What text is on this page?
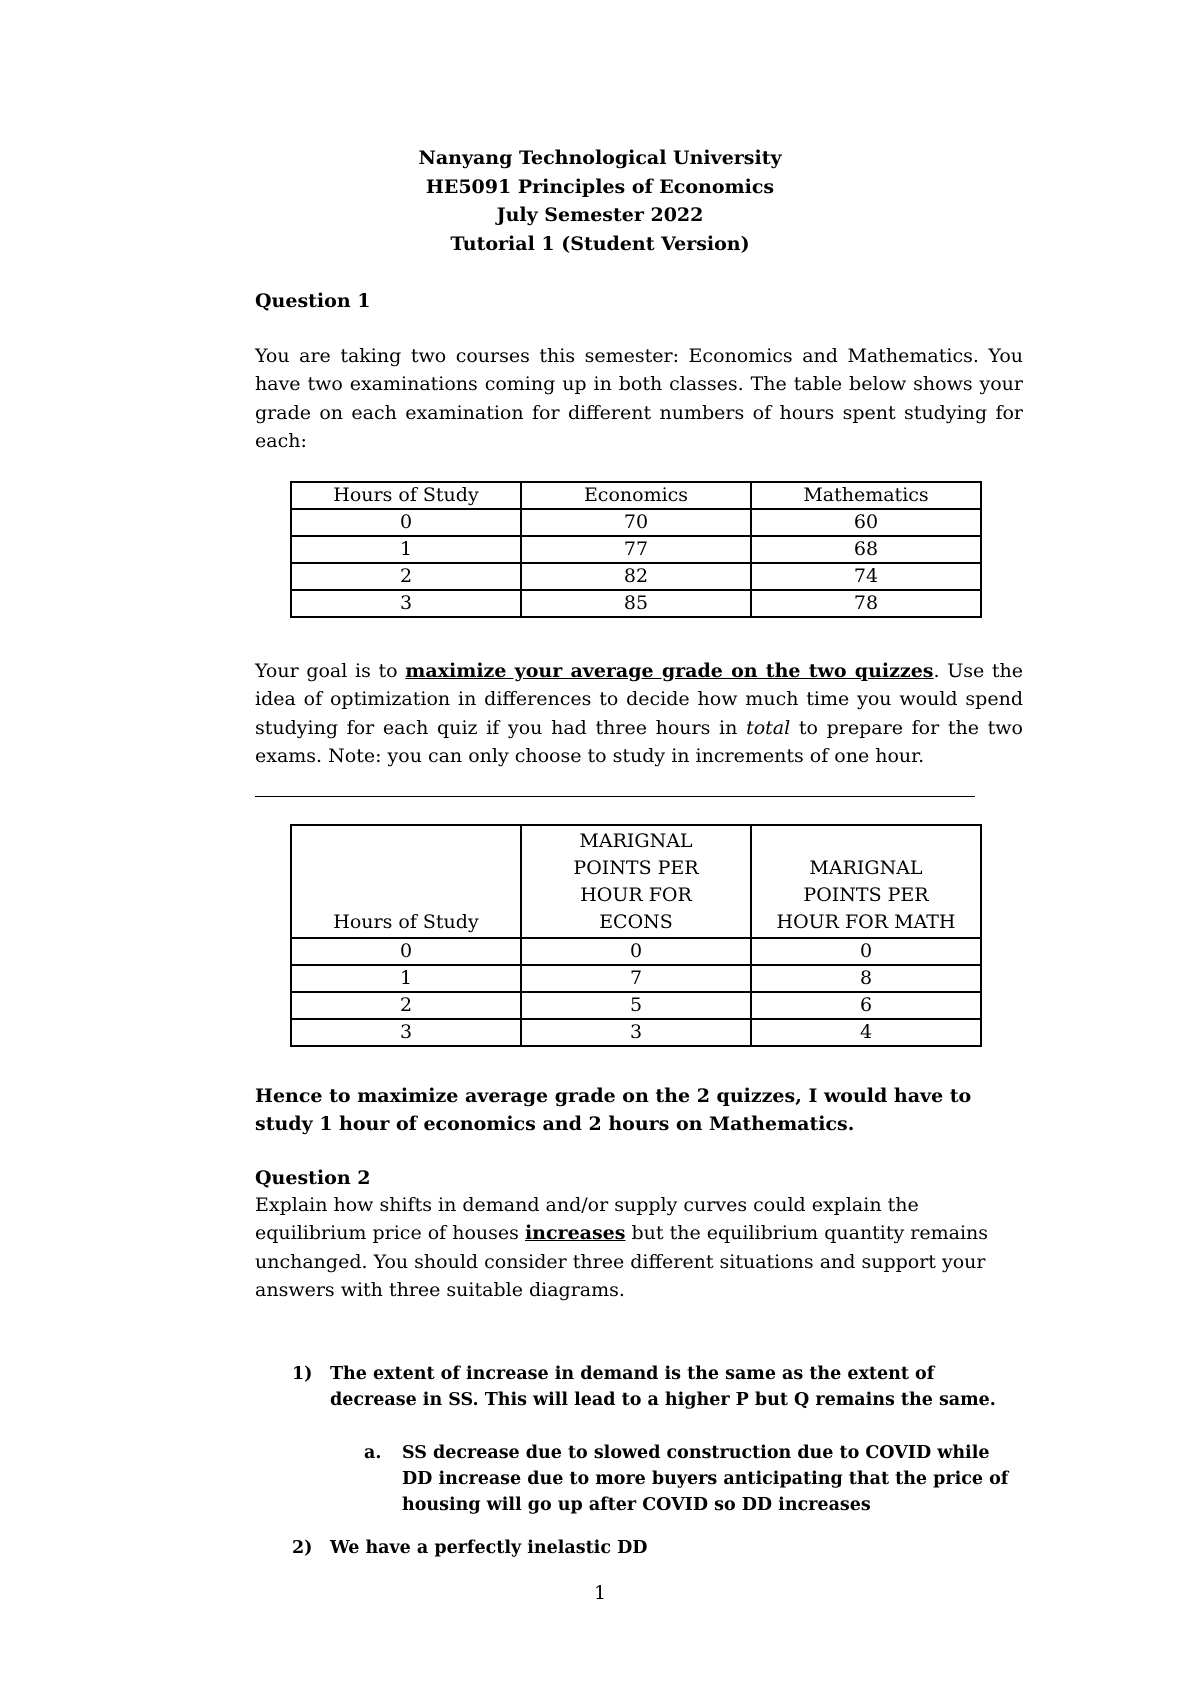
Nanyang Technological University
HE5091 Principles of Economics
July Semester 2022
Tutorial 1 (Student Version)
Question 1
You are taking two courses this semester: Economics and Mathematics. You have two examinations coming up in both classes. The table below shows your grade on each examination for different numbers of hours spent studying for each:
Hours of Study	Economics	Mathematics
0	70	60
1	77	68
2	82	74
3	85	78
Your goal is to maximize your average grade on the two quizzes. Use the idea of optimization in differences to decide how much time you would spend studying for each quiz if you had three hours in total to prepare for the two exams. Note: you can only choose to study in increments of one hour.
Hours of Study	MARIGNAL POINTS PER HOUR FOR ECONS	MARIGNAL POINTS PER HOUR FOR MATH
0	0	0
1	7	8
2	5	6
3	3	4
Hence to maximize average grade on the 2 quizzes, I would have to study 1 hour of economics and 2 hours on Mathematics.
Question 2
Explain how shifts in demand and/or supply curves could explain the equilibrium price of houses increases but the equilibrium quantity remains unchanged. You should consider three different situations and support your answers with three suitable diagrams.
1) The extent of increase in demand is the same as the extent of decrease in SS. This will lead to a higher P but Q remains the same.
a. SS decrease due to slowed construction due to COVID while DD increase due to more buyers anticipating that the price of housing will go up after COVID so DD increases
2) We have a perfectly inelastic DD
1
